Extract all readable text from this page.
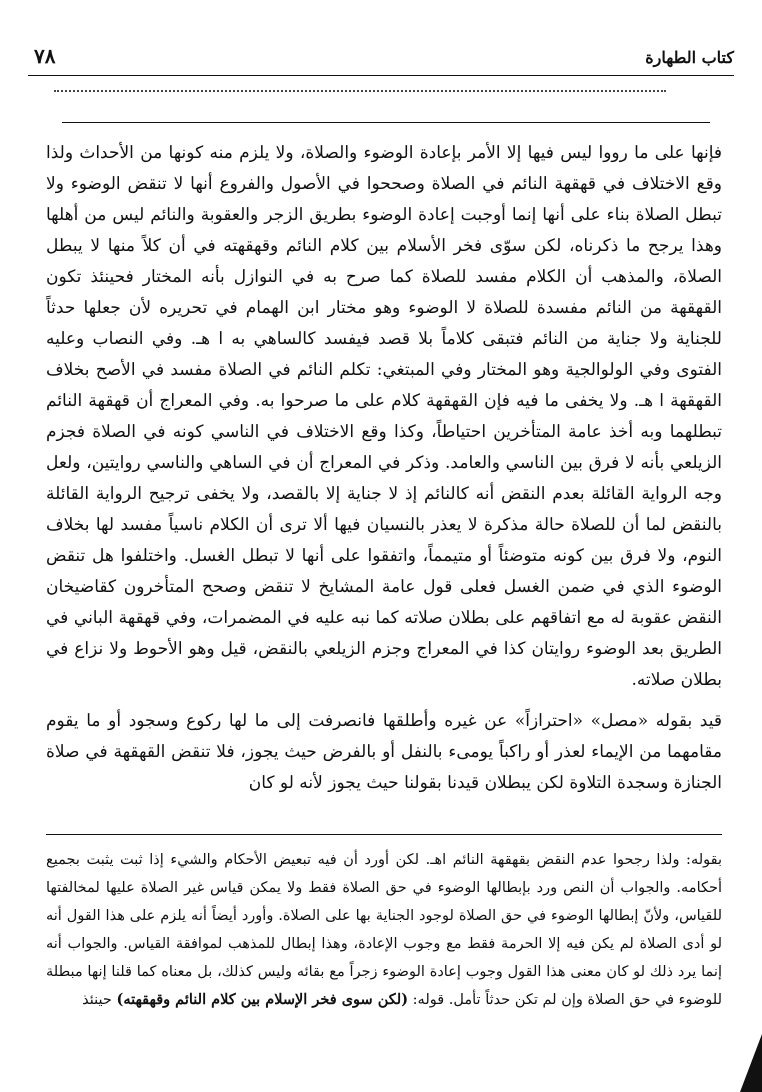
كتاب الطهارة
٧٨

فإنها على ما رووا ليس فيها إلا الأمر بإعادة الوضوء والصلاة، ولا يلزم منه كونها من الأحداث ولذا وقع الاختلاف في قهقهة النائم في الصلاة وصححوا في الأصول والفروع أنها لا تنقض الوضوء ولا تبطل الصلاة بناء على أنها إنما أوجبت إعادة الوضوء بطريق الزجر والعقوبة والنائم ليس من أهلها وهذا يرجح ما ذكرناه، لكن سوّى فخر الأسلام بين كلام النائم وقهقهته في أن كلاً منها لا يبطل الصلاة، والمذهب أن الكلام مفسد للصلاة كما صرح به في النوازل بأنه المختار فحينئذ تكون القهقهة من النائم مفسدة للصلاة لا الوضوء وهو مختار ابن الهمام في تحريره لأن جعلها حدثاً للجناية ولا جناية من النائم فتبقى كلاماً بلا قصد فيفسد كالساهي به ا هـ. وفي النصاب وعليه الفتوى وفي الولوالجية وهو المختار وفي المبتغي: تكلم النائم في الصلاة مفسد في الأصح بخلاف القهقهة ا هـ. ولا يخفى ما فيه فإن القهقهة كلام على ما صرحوا به. وفي المعراج أن قهقهة النائم تبطلهما وبه أخذ عامة المتأخرين احتياطاً، وكذا وقع الاختلاف في الناسي كونه في الصلاة فجزم الزيلعي بأنه لا فرق بين الناسي والعامد. وذكر في المعراج أن في الساهي والناسي روايتين، ولعل وجه الرواية القائلة بعدم النقض أنه كالنائم إذ لا جناية إلا بالقصد، ولا يخفى ترجيح الرواية القائلة بالنقض لما أن للصلاة حالة مذكرة لا يعذر بالنسيان فيها ألا ترى أن الكلام ناسياً مفسد لها بخلاف النوم، ولا فرق بين كونه متوضئاً أو متيمماً، واتفقوا على أنها لا تبطل الغسل. واختلفوا هل تنقض الوضوء الذي في ضمن الغسل فعلى قول عامة المشايخ لا تنقض وصحح المتأخرون كقاضيخان النقض عقوبة له مع اتفاقهم على بطلان صلاته كما نبه عليه في المضمرات، وفي قهقهة الباني في الطريق بعد الوضوء روايتان كذا في المعراج وجزم الزيلعي بالنقض، قيل وهو الأحوط ولا نزاع في بطلان صلاته.

قيد بقوله «مصل» «احترازاً» عن غيره وأطلقها فانصرفت إلى ما لها ركوع وسجود أو ما يقوم مقامهما من الإيماء لعذر أو راكباً يومىء بالنفل أو بالفرض حيث يجوز، فلا تنقض القهقهة في صلاة الجنازة وسجدة التلاوة لكن يبطلان قيدنا بقولنا حيث يجوز لأنه لو كان

بقوله: ولذا رجحوا عدم النقض بقهقهة النائم اهـ. لكن أورد أن فيه تبعيض الأحكام والشيء إذا ثبت يثبت بجميع أحكامه. والجواب أن النص ورد بإبطالها الوضوء في حق الصلاة فقط ولا يمكن قياس غير الصلاة عليها لمخالفتها للقياس، ولأنّ إبطالها الوضوء في حق الصلاة لوجود الجناية بها على الصلاة. وأورد أيضاً أنه يلزم على هذا القول أنه لو أدى الصلاة لم يكن فيه إلا الحرمة فقط مع وجوب الإعادة، وهذا إبطال للمذهب لموافقة القياس. والجواب أنه إنما يرد ذلك لو كان معنى هذا القول وجوب إعادة الوضوء زجراً مع بقائه وليس كذلك، بل معناه كما قلنا إنها مبطلة للوضوء في حق الصلاة وإن لم تكن حدثاً تأمل. قوله: (لكن سوى فخر الإسلام بين كلام النائم وقهقهته) حينئذ
